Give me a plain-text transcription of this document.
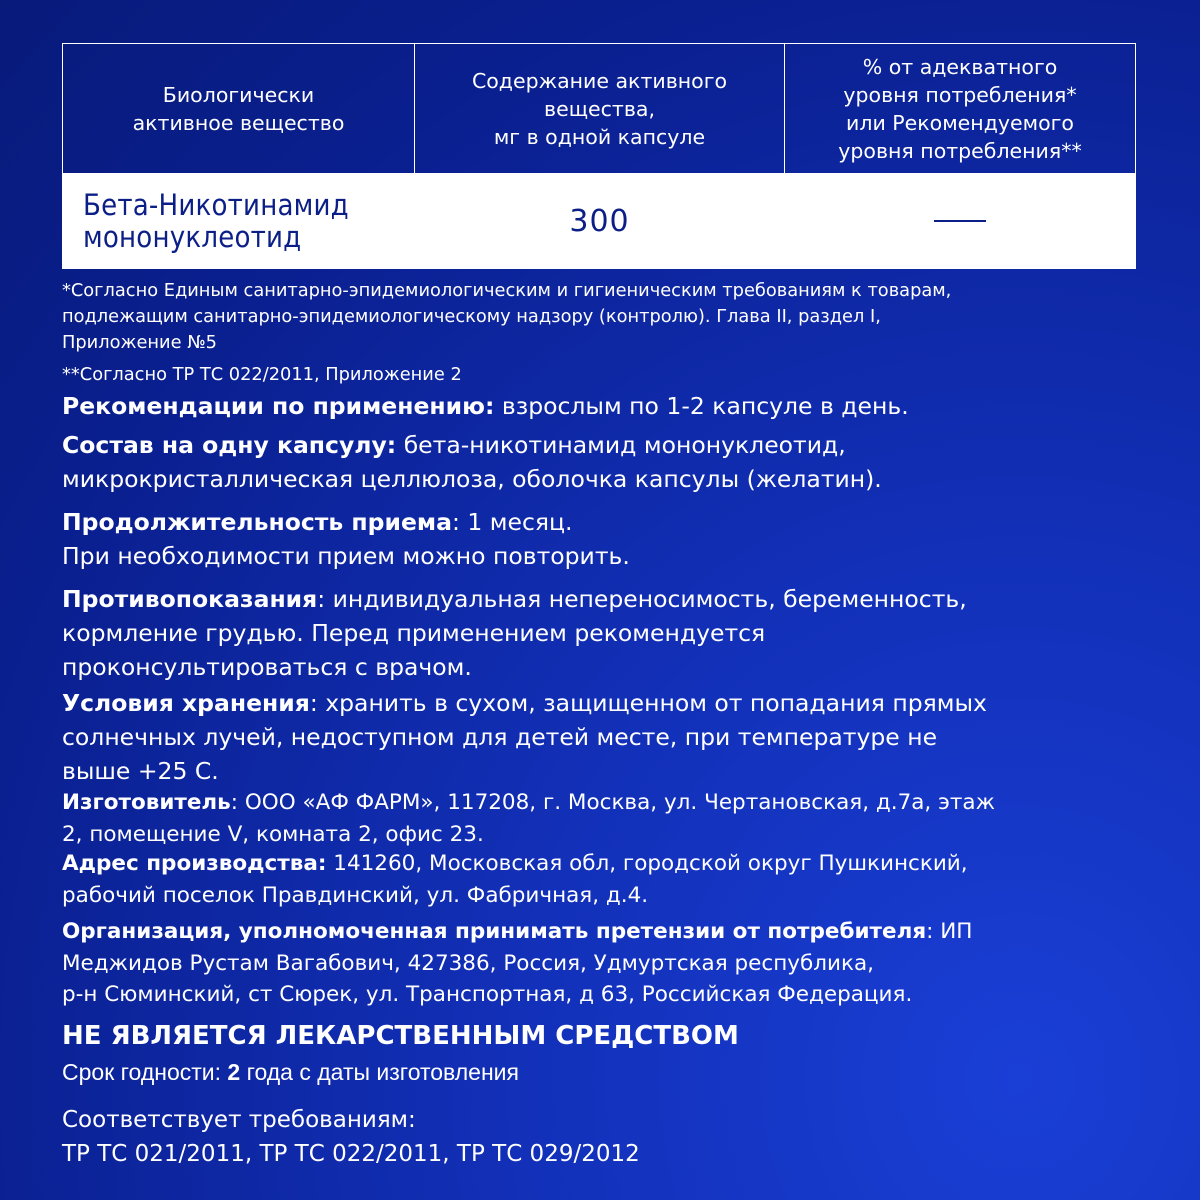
Биологически
активное вещество
Содержание активного
вещества,
мг в одной капсуле
% от адекватного
уровня потребления*
или Рекомендуемого
уровня потребления**
Бета-Никотинамид
мононуклеотид	300

*Согласно Единым санитарно-эпидемиологическим и гигиеническим требованиям к товарам,
подлежащим санитарно-эпидемиологическому надзору (контролю). Глава II, раздел I,
Приложение №5

**Согласно ТР ТС 022/2011, Приложение 2

Рекомендации по применению: взрослым по 1-2 капсуле в день.

Состав на одну капсулу: бета-никотинамид мононуклеотид,
микрокристаллическая целлюлоза, оболочка капсулы (желатин).

Продолжительность приема: 1 месяц.
При необходимости прием можно повторить.

Противопоказания: индивидуальная непереносимость, беременность,
кормление грудью. Перед применением рекомендуется
проконсультироваться с врачом.

Условия хранения: хранить в сухом, защищенном от попадания прямых
солнечных лучей, недоступном для детей месте, при температуре не
выше +25 С.

Изготовитель: ООО «АФ ФАРМ», 117208, г. Москва, ул. Чертановская, д.7а, этаж
2, помещение V, комната 2, офис 23.

Адрес производства: 141260, Московская обл, городской округ Пушкинский,
рабочий поселок Правдинский, ул. Фабричная, д.4.

Организация, уполномоченная принимать претензии от потребителя: ИП
Меджидов Рустам Вагабович, 427386, Россия, Удмуртская республика,
р-н Сюминский, ст Сюрек, ул. Транспортная, д 63, Российская Федерация.

НЕ ЯВЛЯЕТСЯ ЛЕКАРСТВЕННЫМ СРЕДСТВОМ
Срок годности: 2 года с даты изготовления
Соответствует требованиям:
ТР ТС 021/2011, ТР ТС 022/2011, ТР ТС 029/2012
